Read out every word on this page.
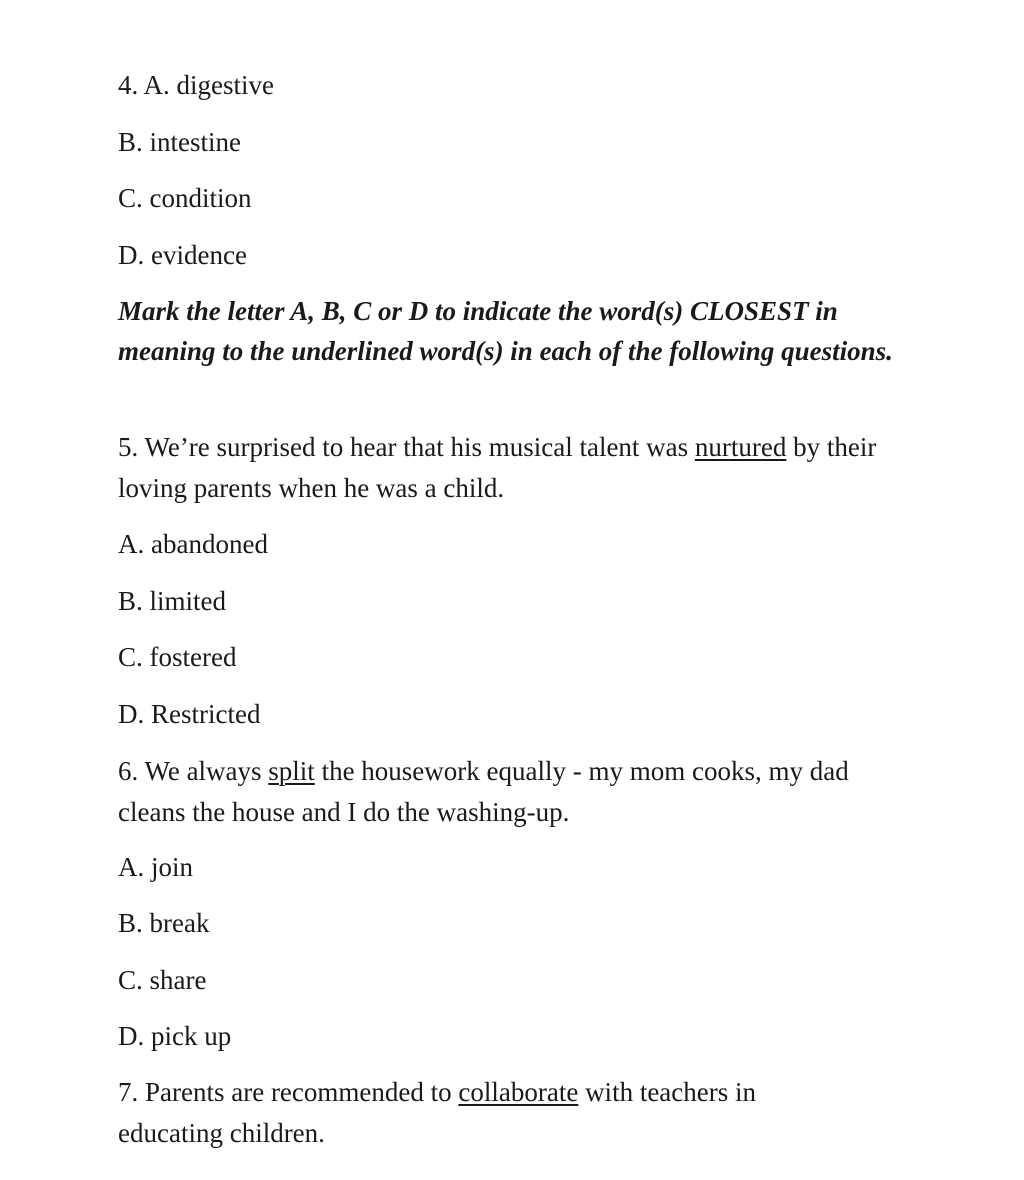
4. A. digestive
B. intestine
C. condition
D. evidence
Mark the letter A, B, C or D to indicate the word(s) CLOSEST in meaning to the underlined word(s) in each of the following questions.
5. We’re surprised to hear that his musical talent was nurtured by their loving parents when he was a child.
A. abandoned
B. limited
C. fostered
D. Restricted
6. We always split the housework equally - my mom cooks, my dad cleans the house and I do the washing-up.
A. join
B. break
C. share
D. pick up
7. Parents are recommended to collaborate with teachers in educating children.
